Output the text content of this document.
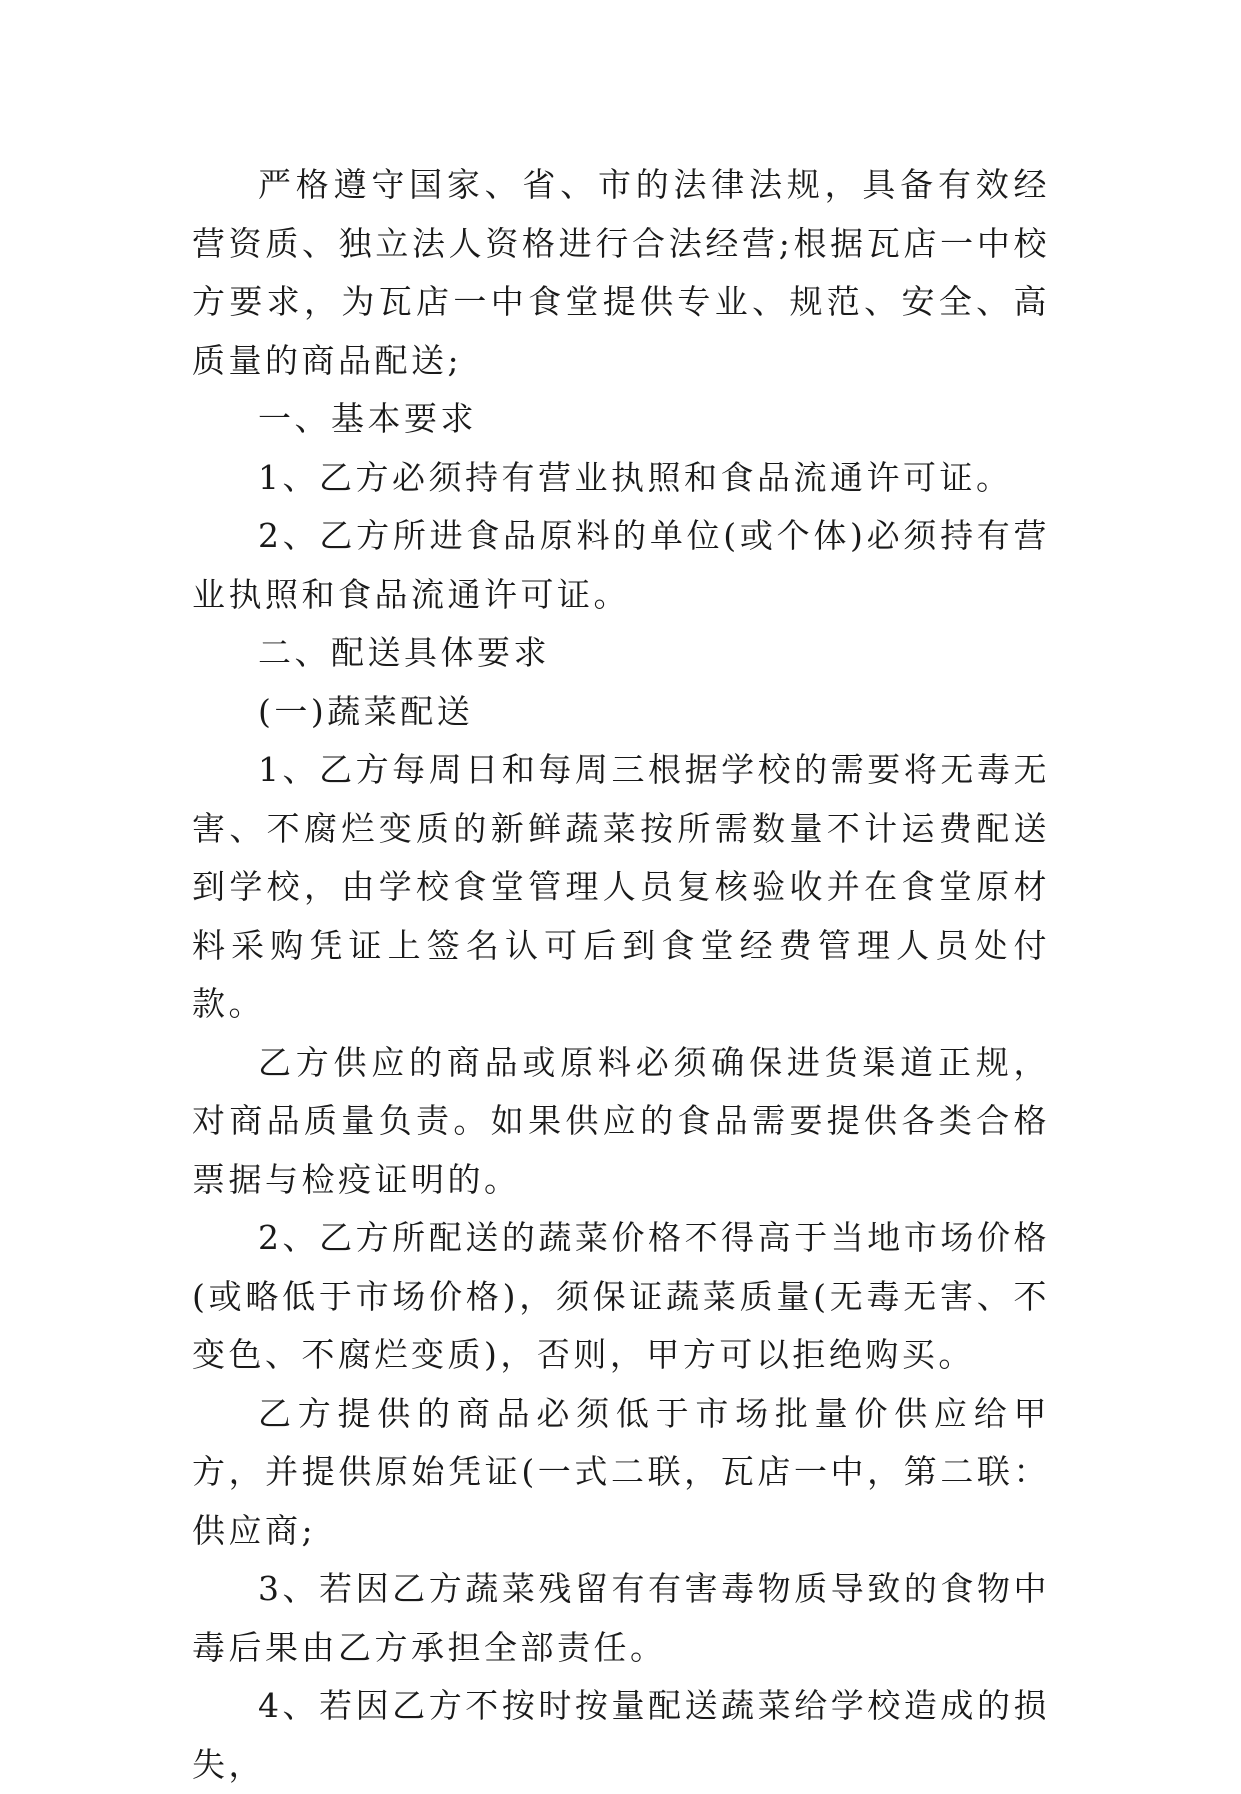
严格遵守国家、省、市的法律法规，具备有效经营资质、独立法人资格进行合法经营;根据瓦店一中校方要求，为瓦店一中食堂提供专业、规范、安全、高质量的商品配送;

一、基本要求

1、乙方必须持有营业执照和食品流通许可证。

2、乙方所进食品原料的单位(或个体)必须持有营业执照和食品流通许可证。

二、配送具体要求

(一)蔬菜配送

1、乙方每周日和每周三根据学校的需要将无毒无害、不腐烂变质的新鲜蔬菜按所需数量不计运费配送到学校，由学校食堂管理人员复核验收并在食堂原材料采购凭证上签名认可后到食堂经费管理人员处付款。

乙方供应的商品或原料必须确保进货渠道正规，对商品质量负责。如果供应的食品需要提供各类合格票据与检疫证明的。

2、乙方所配送的蔬菜价格不得高于当地市场价格(或略低于市场价格)，须保证蔬菜质量(无毒无害、不变色、不腐烂变质)，否则，甲方可以拒绝购买。

乙方提供的商品必须低于市场批量价供应给甲方，并提供原始凭证(一式二联，瓦店一中，第二联：供应商;

3、若因乙方蔬菜残留有有害毒物质导致的食物中毒后果由乙方承担全部责任。

4、若因乙方不按时按量配送蔬菜给学校造成的损失，
